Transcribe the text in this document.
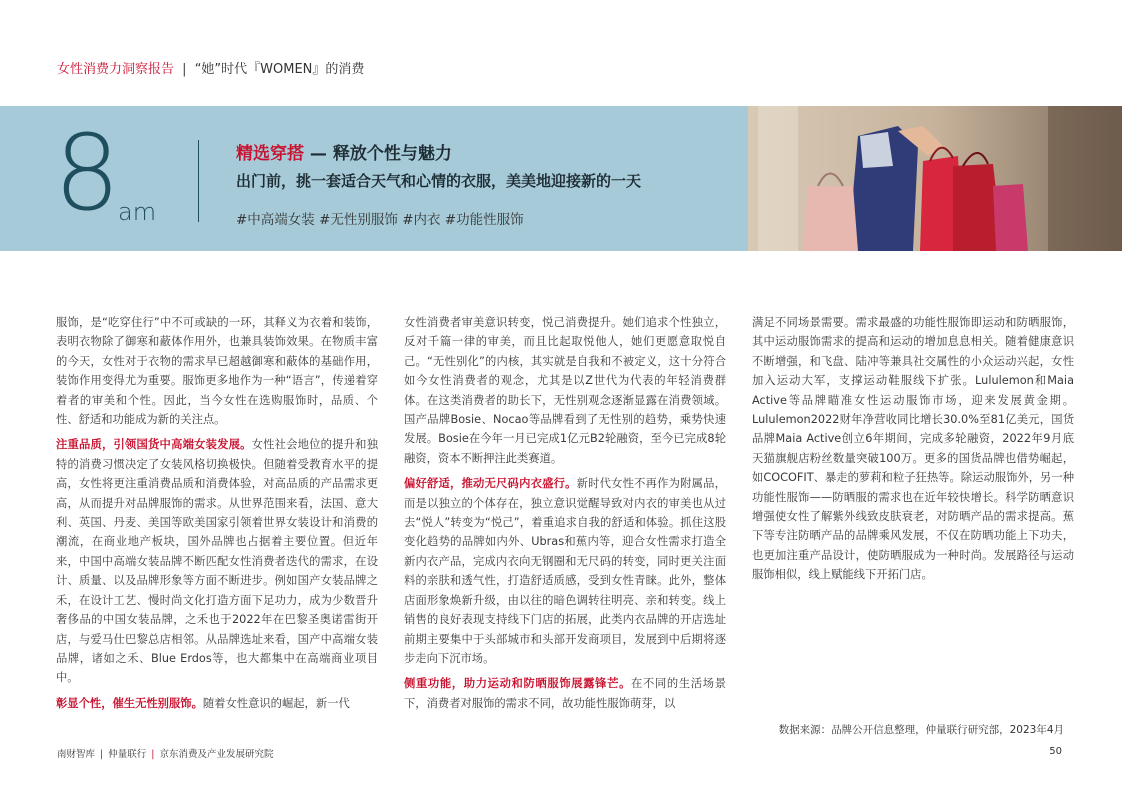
女性消费力洞察报告 | “她”时代『WOMEN』的消费
8 am
精选穿搭 — 释放个性与魅力
出门前，挑一套适合天气和心情的衣服，美美地迎接新的一天
#中高端女装 #无性别服饰 #内衣 #功能性服饰

服饰，是“吃穿住行”中不可或缺的一环，其释义为衣着和装饰，表明衣物除了御寒和蔽体作用外，也兼具装饰效果。在物质丰富的今天，女性对于衣物的需求早已超越御寒和蔽体的基础作用，装饰作用变得尤为重要。服饰更多地作为一种“语言”，传递着穿着者的审美和个性。因此，当今女性在选购服饰时，品质、个性、舒适和功能成为新的关注点。

注重品质，引领国货中高端女装发展。女性社会地位的提升和独特的消费习惯决定了女装风格切换极快。但随着受教育水平的提高，女性将更注重消费品质和消费体验，对高品质的产品需求更高，从而提升对品牌服饰的需求。从世界范围来看，法国、意大利、英国、丹麦、美国等欧美国家引领着世界女装设计和消费的潮流，在商业地产板块，国外品牌也占据着主要位置。但近年来，中国中高端女装品牌不断匹配女性消费者迭代的需求，在设计、质量、以及品牌形象等方面不断进步。例如国产女装品牌之禾，在设计工艺、慢时尚文化打造方面下足功力，成为少数晋升奢侈品的中国女装品牌，之禾也于2022年在巴黎圣奥诺雷街开店，与爱马仕巴黎总店相邻。从品牌选址来看，国产中高端女装品牌，诸如之禾、Blue Erdos等，也大都集中在高端商业项目中。

彰显个性，催生无性别服饰。随着女性意识的崛起，新一代

女性消费者审美意识转变，悦己消费提升。她们追求个性独立，反对千篇一律的审美，而且比起取悦他人，她们更愿意取悦自己。“无性别化”的内核，其实就是自我和不被定义，这十分符合如今女性消费者的观念，尤其是以Z世代为代表的年轻消费群体。在这类消费者的助长下，无性别观念逐渐显露在消费领域。国产品牌Bosie、Nocao等品牌看到了无性别的趋势，乘势快速发展。Bosie在今年一月已完成1亿元B2轮融资，至今已完成8轮融资，资本不断押注此类赛道。

偏好舒适，推动无尺码内衣盛行。新时代女性不再作为附属品，而是以独立的个体存在，独立意识觉醒导致对内衣的审美也从过去“悦人”转变为“悦己”，着重追求自我的舒适和体验。抓住这股变化趋势的品牌如内外、Ubras和蕉内等，迎合女性需求打造全新内衣产品，完成内衣向无钢圈和无尺码的转变，同时更关注面料的亲肤和透气性，打造舒适质感，受到女性青睐。此外，整体店面形象焕新升级，由以往的暗色调转往明亮、亲和转变。线上销售的良好表现支持线下门店的拓展，此类内衣品牌的开店选址前期主要集中于头部城市和头部开发商项目，发展到中后期将逐步走向下沉市场。

侧重功能，助力运动和防晒服饰展露锋芒。在不同的生活场景下，消费者对服饰的需求不同，故功能性服饰萌芽，以

满足不同场景需要。需求最盛的功能性服饰即运动和防晒服饰，其中运动服饰需求的提高和运动的增加息息相关。随着健康意识不断增强，和飞盘、陆冲等兼具社交属性的小众运动兴起，女性加入运动大军，支撑运动鞋服线下扩张。Lululemon和Maia Active等品牌瞄准女性运动服饰市场，迎来发展黄金期。Lululemon2022财年净营收同比增长30.0%至81亿美元，国货品牌Maia Active创立6年期间，完成多轮融资，2022年9月底天猫旗舰店粉丝数量突破100万。更多的国货品牌也借势崛起，如COCOFIT、暴走的萝莉和粒子狂热等。除运动服饰外，另一种功能性服饰——防晒服的需求也在近年较快增长。科学防晒意识增强使女性了解紫外线致皮肤衰老，对防晒产品的需求提高。蕉下等专注防晒产品的品牌乘风发展，不仅在防晒功能上下功夫，也更加注重产品设计，使防晒服成为一种时尚。发展路径与运动服饰相似，线上赋能线下开拓门店。

数据来源：品牌公开信息整理，仲量联行研究部，2023年4月
南财智库 | 仲量联行 | 京东消费及产业发展研究院	50
